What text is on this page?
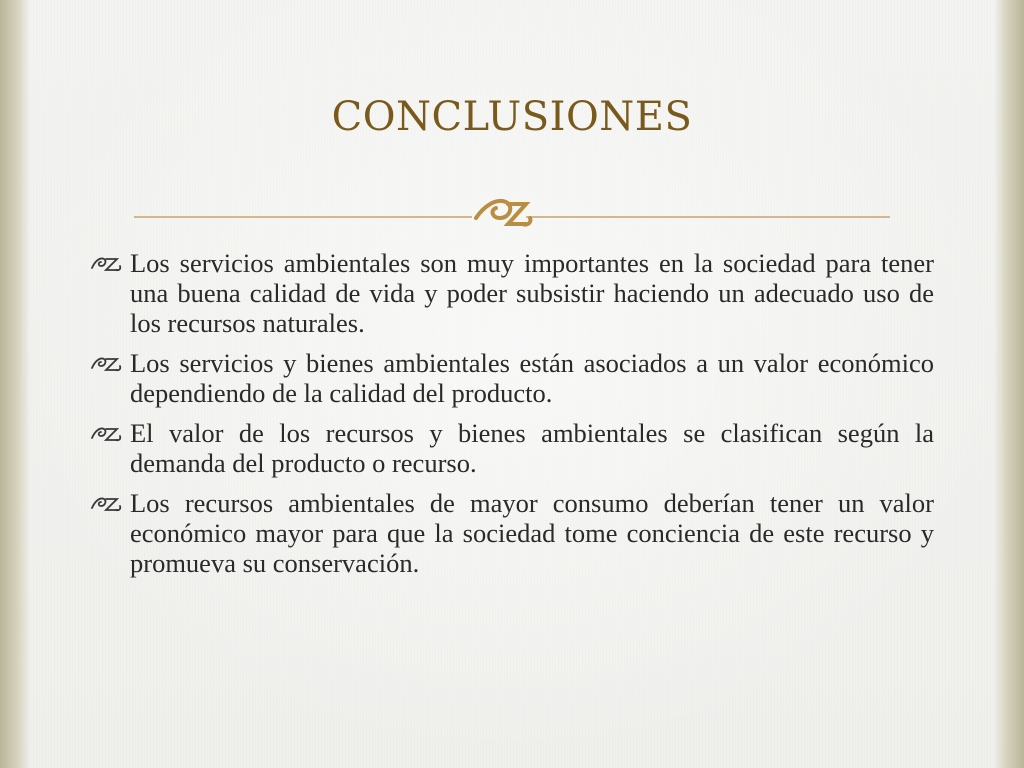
CONCLUSIONES
Los servicios ambientales son muy importantes en la sociedad para tener una buena calidad de vida y poder subsistir haciendo un adecuado uso de los recursos naturales.
Los servicios y bienes ambientales están asociados a un valor económico dependiendo de la calidad del producto.
El valor de los recursos y bienes ambientales se clasifican según la demanda del producto o recurso.
Los recursos ambientales de mayor consumo deberían tener un valor económico mayor para que la sociedad tome conciencia de este recurso y promueva su conservación.
